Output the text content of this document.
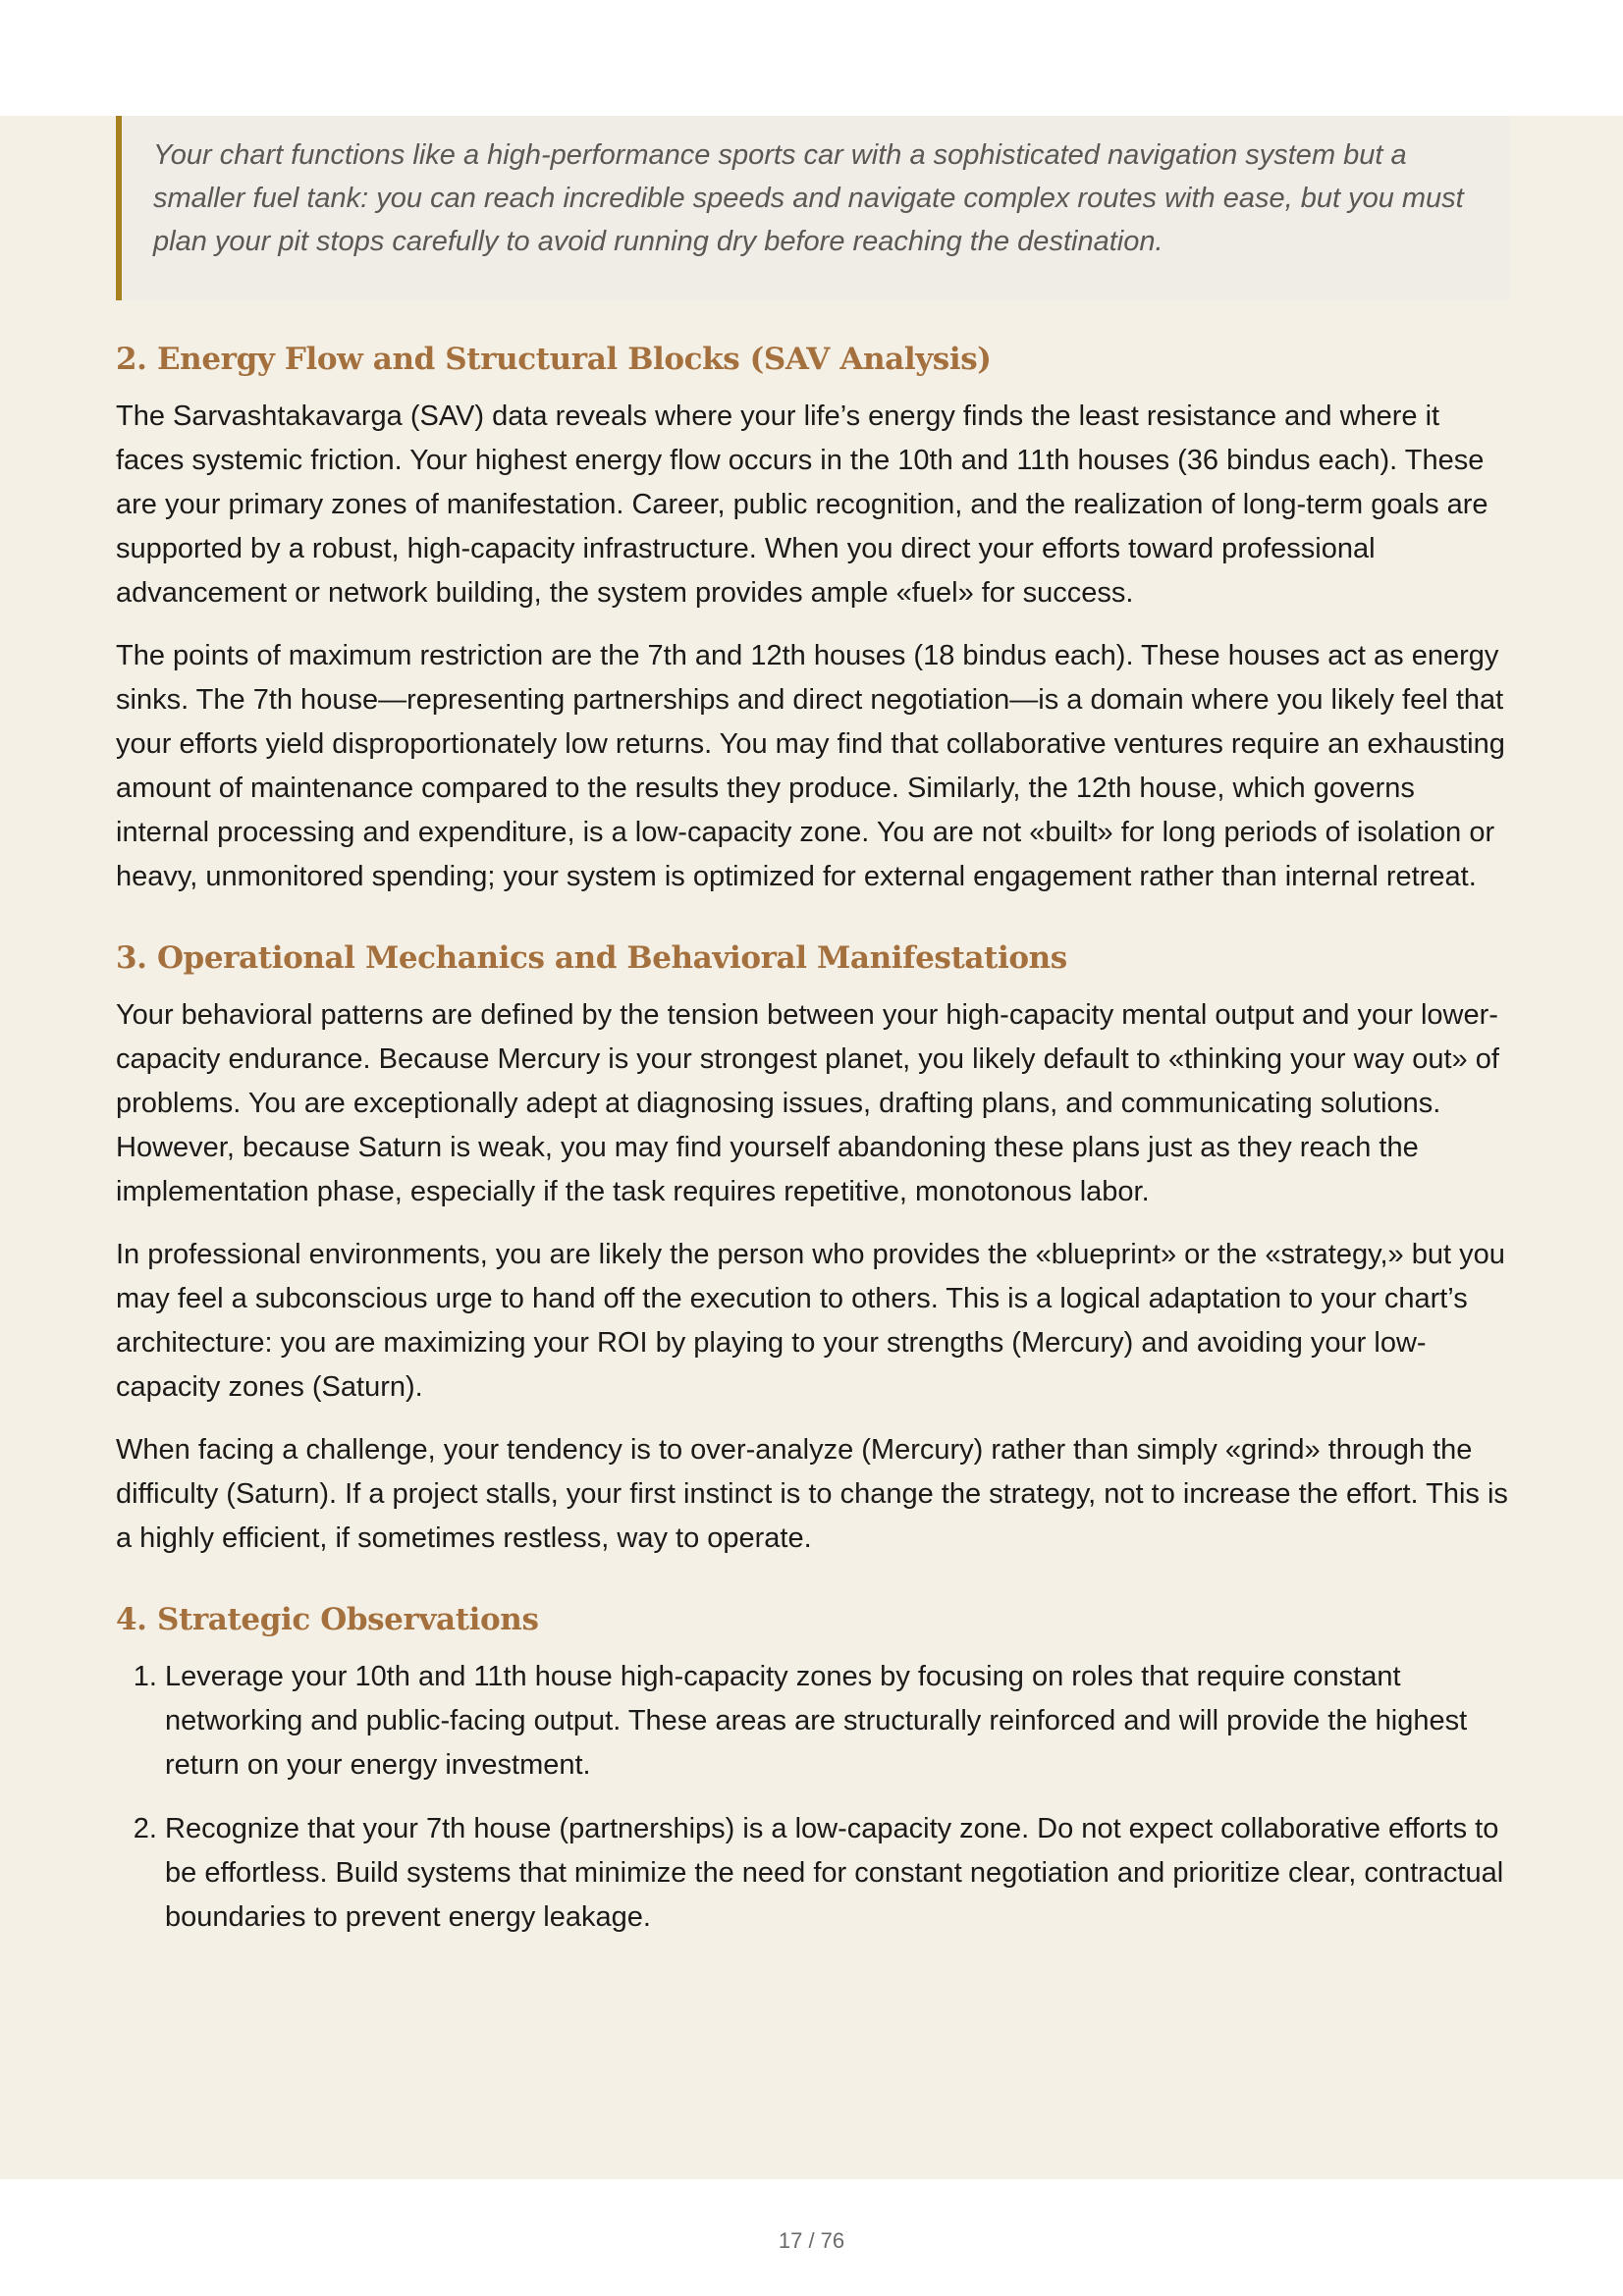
Your chart functions like a high-performance sports car with a sophisticated navigation system but a smaller fuel tank: you can reach incredible speeds and navigate complex routes with ease, but you must plan your pit stops carefully to avoid running dry before reaching the destination.
2. Energy Flow and Structural Blocks (SAV Analysis)

The Sarvashtakavarga (SAV) data reveals where your life’s energy finds the least resistance and where it faces systemic friction. Your highest energy flow occurs in the 10th and 11th houses (36 bindus each). These are your primary zones of manifestation. Career, public recognition, and the realization of long-term goals are supported by a robust, high-capacity infrastructure. When you direct your efforts toward professional advancement or network building, the system provides ample «fuel» for success.

The points of maximum restriction are the 7th and 12th houses (18 bindus each). These houses act as energy sinks. The 7th house—representing partnerships and direct negotiation—is a domain where you likely feel that your efforts yield disproportionately low returns. You may find that collaborative ventures require an exhausting amount of maintenance compared to the results they produce. Similarly, the 12th house, which governs internal processing and expenditure, is a low-capacity zone. You are not «built» for long periods of isolation or heavy, unmonitored spending; your system is optimized for external engagement rather than internal retreat.

3. Operational Mechanics and Behavioral Manifestations

Your behavioral patterns are defined by the tension between your high-capacity mental output and your lower-capacity endurance. Because Mercury is your strongest planet, you likely default to «thinking your way out» of problems. You are exceptionally adept at diagnosing issues, drafting plans, and communicating solutions. However, because Saturn is weak, you may find yourself abandoning these plans just as they reach the implementation phase, especially if the task requires repetitive, monotonous labor.

In professional environments, you are likely the person who provides the «blueprint» or the «strategy,» but you may feel a subconscious urge to hand off the execution to others. This is a logical adaptation to your chart’s architecture: you are maximizing your ROI by playing to your strengths (Mercury) and avoiding your low-capacity zones (Saturn).

When facing a challenge, your tendency is to over-analyze (Mercury) rather than simply «grind» through the difficulty (Saturn). If a project stalls, your first instinct is to change the strategy, not to increase the effort. This is a highly efficient, if sometimes restless, way to operate.

4. Strategic Observations
1. Leverage your 10th and 11th house high-capacity zones by focusing on roles that require constant networking and public-facing output. These areas are structurally reinforced and will provide the highest return on your energy investment.
2. Recognize that your 7th house (partnerships) is a low-capacity zone. Do not expect collaborative efforts to be effortless. Build systems that minimize the need for constant negotiation and prioritize clear, contractual boundaries to prevent energy leakage.
17 / 76
